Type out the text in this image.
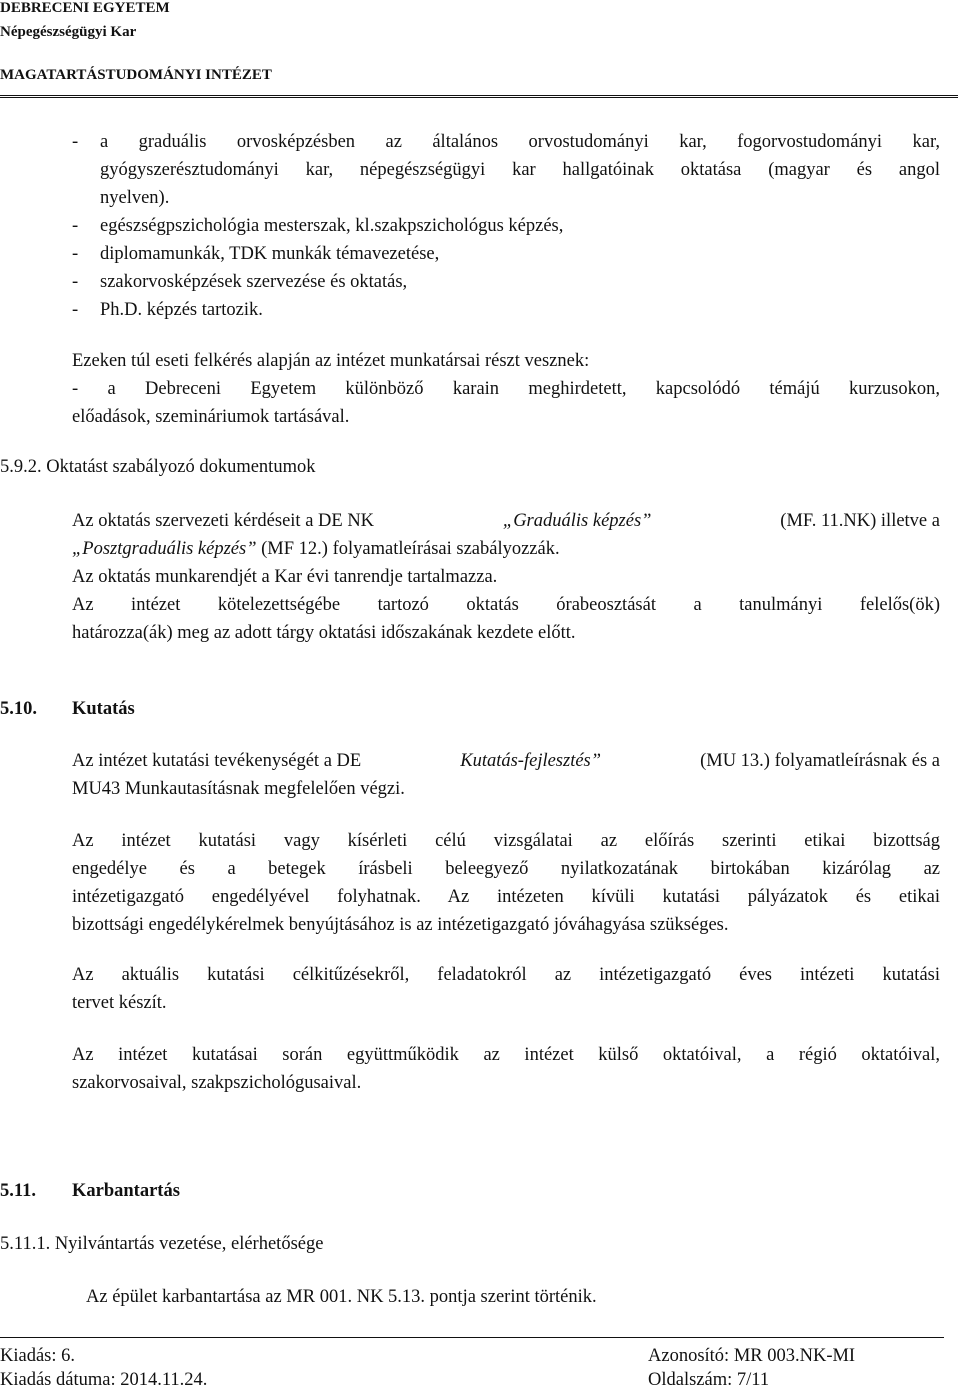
DEBRECENI EGYETEM
Népegészségügyi Kar
MAGATARTÁSTUDOMÁNYI INTÉZET
- a graduális orvosképzésben az általános orvostudományi kar, fogorvostudományi kar,
gyógyszerésztudományi kar, népegészségügyi kar hallgatóinak oktatása (magyar és angol
nyelven).
- egészségpszichológia mesterszak, kl.szakpszichológus képzés,
- diplomamunkák, TDK munkák témavezetése,
- szakorvosképzések szervezése és oktatás,
- Ph.D. képzés tartozik.
Ezeken túl eseti felkérés alapján az intézet munkatársai részt vesznek:
- a Debreceni Egyetem különböző karain meghirdetett, kapcsolódó témájú kurzusokon,
előadások, szemináriumok tartásával.
5.9.2. Oktatást szabályozó dokumentumok
Az oktatás szervezeti kérdéseit a DE NK	„Graduális képzés”	(MF. 11.NK) illetve a
„Posztgraduális képzés” (MF 12.) folyamatleírásai szabályozzák.
Az oktatás munkarendjét a Kar évi tanrendje tartalmazza.
Az intézet kötelezettségébe tartozó oktatás órabeosztását a tanulmányi felelős(ök)
határozza(ák) meg az adott tárgy oktatási időszakának kezdete előtt.
5.10. Kutatás
Az intézet kutatási tevékenységét a DE	Kutatás-fejlesztés”	(MU 13.) folyamatleírásnak és a
MU43 Munkautasításnak megfelelően végzi.
Az intézet kutatási vagy kísérleti célú vizsgálatai az előírás szerinti etikai bizottság
engedélye és a betegek írásbeli beleegyező nyilatkozatának birtokában kizárólag az
intézetigazgató engedélyével folyhatnak. Az intézeten kívüli kutatási pályázatok és etikai
bizottsági engedélykérelmek benyújtásához is az intézetigazgató jóváhagyása szükséges.
Az aktuális kutatási célkitűzésekről, feladatokról az intézetigazgató éves intézeti kutatási
tervet készít.
Az intézet kutatásai során együttműködik az intézet külső oktatóival, a régió oktatóival,
szakorvosaival, szakpszichológusaival.
5.11. Karbantartás
5.11.1. Nyilvántartás vezetése, elérhetősége
Az épület karbantartása az MR 001. NK 5.13. pontja szerint történik.
Kiadás: 6.	Azonosító: MR 003.NK-MI
Kiadás dátuma: 2014.11.24.	Oldalszám: 7/11
